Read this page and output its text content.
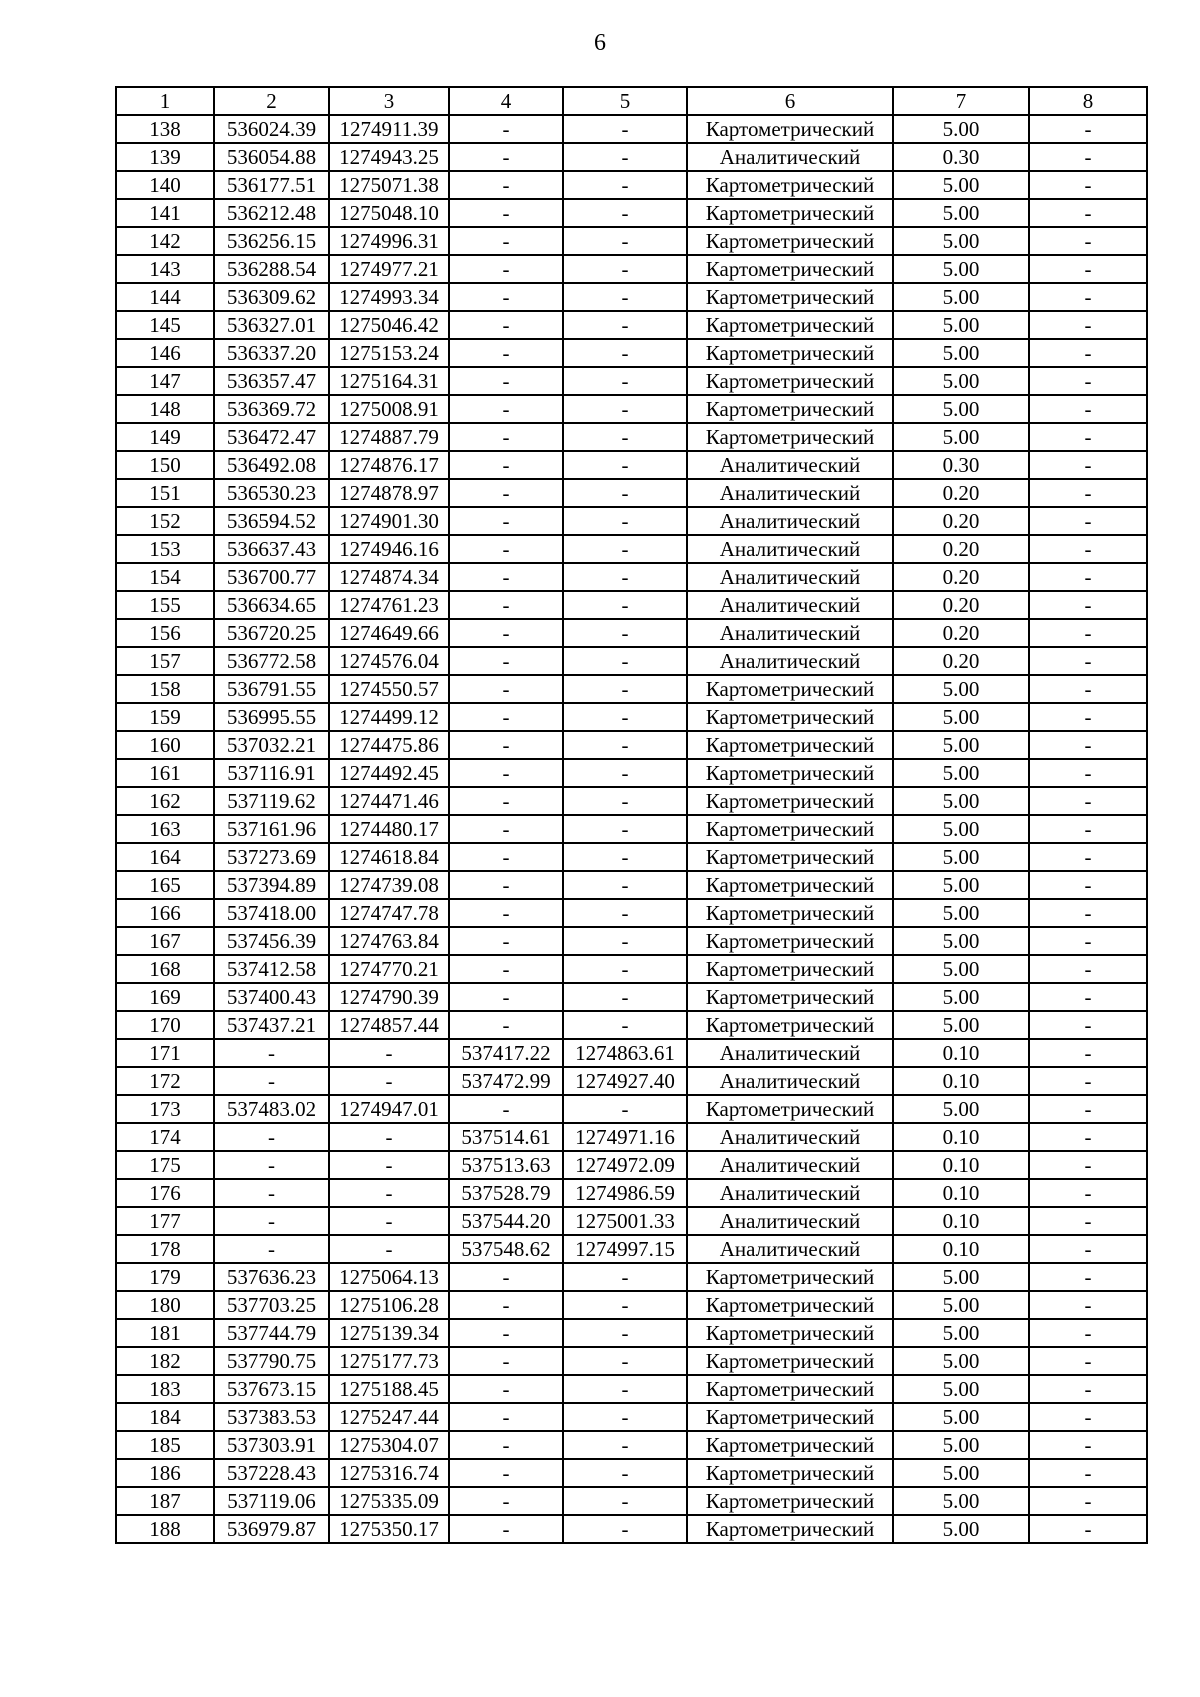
6
1	2	3	4	5	6	7	8
138	536024.39	1274911.39	-	-	Картометрический	5.00	-
139	536054.88	1274943.25	-	-	Аналитический	0.30	-
140	536177.51	1275071.38	-	-	Картометрический	5.00	-
141	536212.48	1275048.10	-	-	Картометрический	5.00	-
142	536256.15	1274996.31	-	-	Картометрический	5.00	-
143	536288.54	1274977.21	-	-	Картометрический	5.00	-
144	536309.62	1274993.34	-	-	Картометрический	5.00	-
145	536327.01	1275046.42	-	-	Картометрический	5.00	-
146	536337.20	1275153.24	-	-	Картометрический	5.00	-
147	536357.47	1275164.31	-	-	Картометрический	5.00	-
148	536369.72	1275008.91	-	-	Картометрический	5.00	-
149	536472.47	1274887.79	-	-	Картометрический	5.00	-
150	536492.08	1274876.17	-	-	Аналитический	0.30	-
151	536530.23	1274878.97	-	-	Аналитический	0.20	-
152	536594.52	1274901.30	-	-	Аналитический	0.20	-
153	536637.43	1274946.16	-	-	Аналитический	0.20	-
154	536700.77	1274874.34	-	-	Аналитический	0.20	-
155	536634.65	1274761.23	-	-	Аналитический	0.20	-
156	536720.25	1274649.66	-	-	Аналитический	0.20	-
157	536772.58	1274576.04	-	-	Аналитический	0.20	-
158	536791.55	1274550.57	-	-	Картометрический	5.00	-
159	536995.55	1274499.12	-	-	Картометрический	5.00	-
160	537032.21	1274475.86	-	-	Картометрический	5.00	-
161	537116.91	1274492.45	-	-	Картометрический	5.00	-
162	537119.62	1274471.46	-	-	Картометрический	5.00	-
163	537161.96	1274480.17	-	-	Картометрический	5.00	-
164	537273.69	1274618.84	-	-	Картометрический	5.00	-
165	537394.89	1274739.08	-	-	Картометрический	5.00	-
166	537418.00	1274747.78	-	-	Картометрический	5.00	-
167	537456.39	1274763.84	-	-	Картометрический	5.00	-
168	537412.58	1274770.21	-	-	Картометрический	5.00	-
169	537400.43	1274790.39	-	-	Картометрический	5.00	-
170	537437.21	1274857.44	-	-	Картометрический	5.00	-
171	-	-	537417.22	1274863.61	Аналитический	0.10	-
172	-	-	537472.99	1274927.40	Аналитический	0.10	-
173	537483.02	1274947.01	-	-	Картометрический	5.00	-
174	-	-	537514.61	1274971.16	Аналитический	0.10	-
175	-	-	537513.63	1274972.09	Аналитический	0.10	-
176	-	-	537528.79	1274986.59	Аналитический	0.10	-
177	-	-	537544.20	1275001.33	Аналитический	0.10	-
178	-	-	537548.62	1274997.15	Аналитический	0.10	-
179	537636.23	1275064.13	-	-	Картометрический	5.00	-
180	537703.25	1275106.28	-	-	Картометрический	5.00	-
181	537744.79	1275139.34	-	-	Картометрический	5.00	-
182	537790.75	1275177.73	-	-	Картометрический	5.00	-
183	537673.15	1275188.45	-	-	Картометрический	5.00	-
184	537383.53	1275247.44	-	-	Картометрический	5.00	-
185	537303.91	1275304.07	-	-	Картометрический	5.00	-
186	537228.43	1275316.74	-	-	Картометрический	5.00	-
187	537119.06	1275335.09	-	-	Картометрический	5.00	-
188	536979.87	1275350.17	-	-	Картометрический	5.00	-
